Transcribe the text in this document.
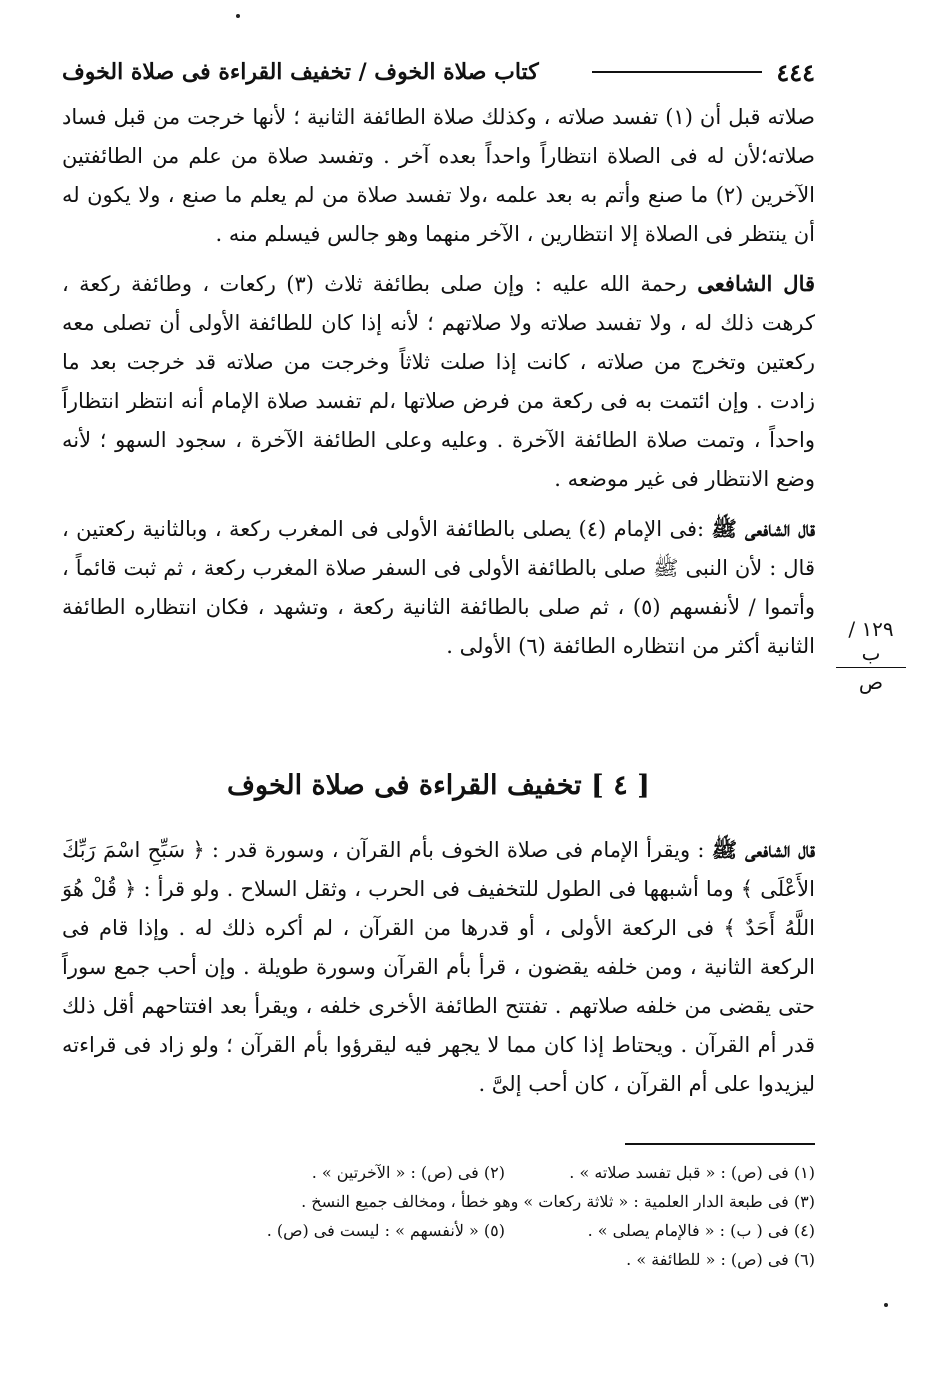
٤٤٤
كتاب صلاة الخوف / تخفيف القراءة فى صلاة الخوف

صلاته قبل أن (١) تفسد صلاته ، وكذلك صلاة الطائفة الثانية ؛ لأنها خرجت من قبل فساد صلاته؛لأن له فى الصلاة انتظاراً واحداً بعده آخر . وتفسد صلاة من علم من الطائفتين الآخرين (٢) ما صنع وأتم به بعد علمه ،ولا تفسد صلاة من لم يعلم ما صنع ، ولا يكون له أن ينتظر فى الصلاة إلا انتظارين ، الآخر منهما وهو جالس فيسلم منه .

قال الشافعى رحمة الله عليه : وإن صلى بطائفة ثلاث (٣) ركعات ، وطائفة ركعة ، كرهت ذلك له ، ولا تفسد صلاته ولا صلاتهم ؛ لأنه إذا كان للطائفة الأولى أن تصلى معه ركعتين وتخرج من صلاته ، كانت إذا صلت ثلاثاً وخرجت من صلاته قد خرجت بعد ما زادت . وإن ائتمت به فى ركعة من فرض صلاتها ،لم تفسد صلاة الإمام أنه انتظر انتظاراً واحداً ، وتمت صلاة الطائفة الآخرة . وعليه وعلى الطائفة الآخرة ، سجود السهو ؛ لأنه وضع الانتظار فى غير موضعه .

قال الشافعى ﷺ :فى الإمام (٤) يصلى بالطائفة الأولى فى المغرب ركعة ، وبالثانية ركعتين ، قال : لأن النبى ﷺ صلى بالطائفة الأولى فى السفر صلاة المغرب ركعة ، ثم ثبت قائماً ، وأتموا / لأنفسهم (٥) ، ثم صلى بالطائفة الثانية ركعة ، وتشهد ، فكان انتظاره الطائفة الثانية أكثر من انتظاره الطائفة (٦) الأولى .

١٢٩ / ب
ص
[ ٤ ] تخفيف القراءة فى صلاة الخوف

قال الشافعى ﷺ : ويقرأ الإمام فى صلاة الخوف بأم القرآن ، وسورة قدر : ﴿ سَبِّحِ اسْمَ رَبِّكَ الأَعْلَى ﴾ وما أشبهها فى الطول للتخفيف فى الحرب ، وثقل السلاح . ولو قرأ : ﴿ قُلْ هُوَ اللَّهُ أَحَدٌ ﴾ فى الركعة الأولى ، أو قدرها من القرآن ، لم أكره ذلك له . وإذا قام فى الركعة الثانية ، ومن خلفه يقضون ، قرأ بأم القرآن وسورة طويلة . وإن أحب جمع سوراً حتى يقضى من خلفه صلاتهم . تفتتح الطائفة الأخرى خلفه ، ويقرأ بعد افتتاحهم أقل ذلك قدر أم القرآن . ويحتاط إذا كان مما لا يجهر فيه ليقرؤوا بأم القرآن ؛ ولو زاد فى قراءته ليزيدوا على أم القرآن ، كان أحب إلىَّ .

(١) فى (ص) : « قبل تفسد صلاته » .
(٢) فى (ص) : « الآخرتين » .
(٣) فى طبعة الدار العلمية : « ثلاثة ركعات » وهو خطأ ، ومخالف جميع النسخ .
(٤) فى ( ب) : « فالإمام يصلى » .
(٥) « لأنفسهم » : ليست فى (ص) .
(٦) فى (ص) : « للطائفة » .
